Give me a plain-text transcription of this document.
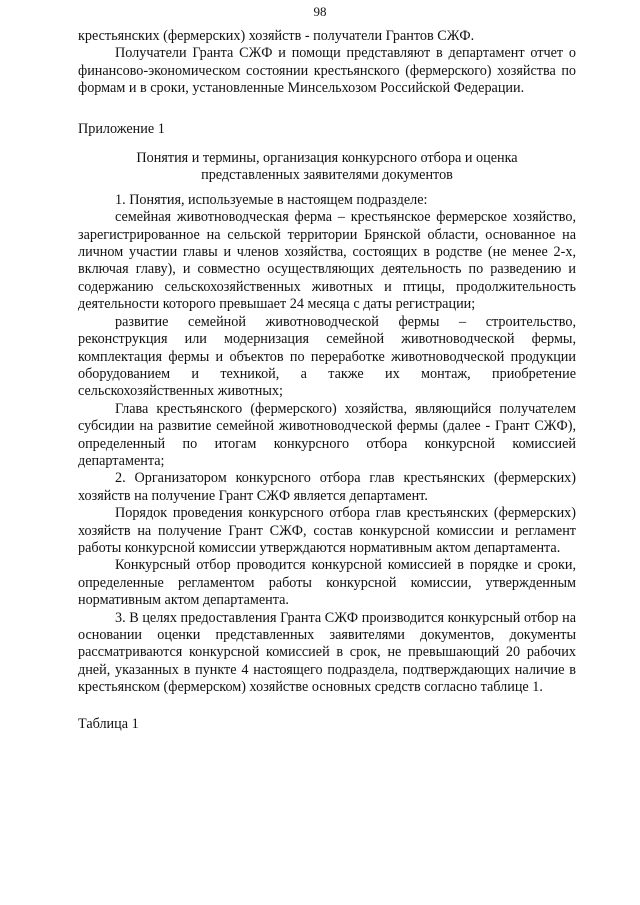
98

крестьянских (фермерских) хозяйств - получатели Грантов СЖФ.

Получатели Гранта СЖФ и помощи представляют в департамент отчет о финансово-экономическом состоянии крестьянского (фермерского) хозяйства по формам и в сроки, установленные Минсельхозом Российской Федерации.

Приложение 1

Понятия и термины, организация конкурсного отбора и оценка представленных заявителями документов

1. Понятия, используемые в настоящем подразделе:

семейная животноводческая ферма – крестьянское фермерское хозяйство, зарегистрированное на сельской территории Брянской области, основанное на личном участии главы и членов хозяйства, состоящих в родстве (не менее 2-х, включая главу), и совместно осуществляющих деятельность по разведению и содержанию сельскохозяйственных животных и птицы, продолжительность деятельности которого превышает 24 месяца с даты регистрации;

развитие семейной животноводческой фермы – строительство, реконструкция или модернизация семейной животноводческой фермы, комплектация фермы и объектов по переработке животноводческой продукции оборудованием и техникой, а также их монтаж, приобретение сельскохозяйственных животных;

Глава крестьянского (фермерского) хозяйства, являющийся получателем субсидии на развитие семейной животноводческой фермы (далее - Грант СЖФ), определенный по итогам конкурсного отбора конкурсной комиссией департамента;

2. Организатором конкурсного отбора глав крестьянских (фермерских) хозяйств на получение Грант СЖФ является департамент.

Порядок проведения конкурсного отбора глав крестьянских (фермерских) хозяйств на получение Грант СЖФ, состав конкурсной комиссии и регламент работы конкурсной комиссии утверждаются нормативным актом департамента.

Конкурсный отбор проводится конкурсной комиссией в порядке и сроки, определенные регламентом работы конкурсной комиссии, утвержденным нормативным актом департамента.

3. В целях предоставления Гранта СЖФ производится конкурсный отбор на основании оценки представленных заявителями документов, документы рассматриваются конкурсной комиссией в срок, не превышающий 20 рабочих дней, указанных в пункте 4 настоящего подраздела, подтверждающих наличие в крестьянском (фермерском) хозяйстве основных средств согласно таблице 1.

Таблица 1
